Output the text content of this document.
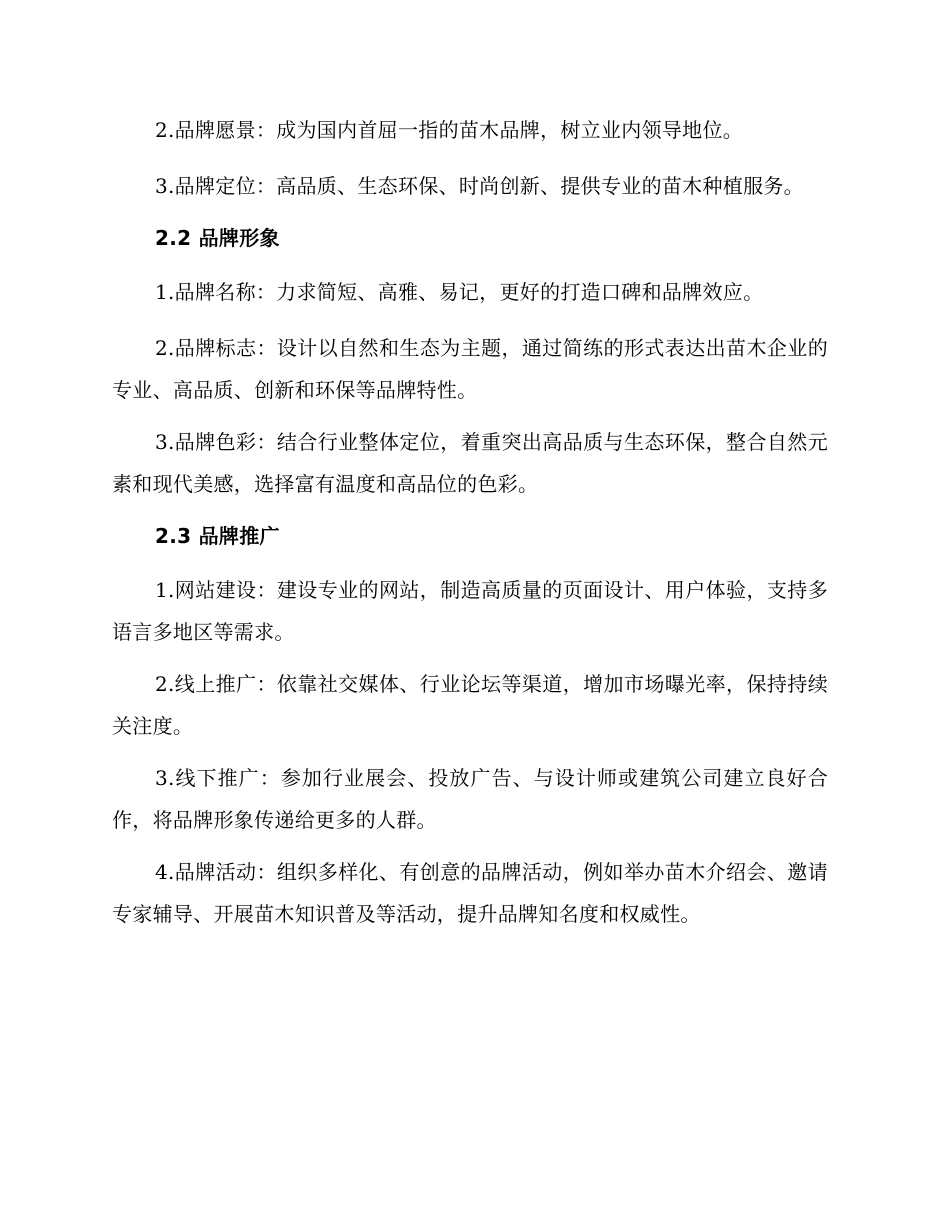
2.品牌愿景：成为国内首屈一指的苗木品牌，树立业内领导地位。

3.品牌定位：高品质、生态环保、时尚创新、提供专业的苗木种植服务。

2.2 品牌形象

1.品牌名称：力求简短、高雅、易记，更好的打造口碑和品牌效应。

2.品牌标志：设计以自然和生态为主题，通过简练的形式表达出苗木企业的专业、高品质、创新和环保等品牌特性。

3.品牌色彩：结合行业整体定位，着重突出高品质与生态环保，整合自然元素和现代美感，选择富有温度和高品位的色彩。

2.3 品牌推广

1.网站建设：建设专业的网站，制造高质量的页面设计、用户体验，支持多语言多地区等需求。

2.线上推广：依靠社交媒体、行业论坛等渠道，增加市场曝光率，保持持续关注度。

3.线下推广：参加行业展会、投放广告、与设计师或建筑公司建立良好合作，将品牌形象传递给更多的人群。

4.品牌活动：组织多样化、有创意的品牌活动，例如举办苗木介绍会、邀请专家辅导、开展苗木知识普及等活动，提升品牌知名度和权威性。
